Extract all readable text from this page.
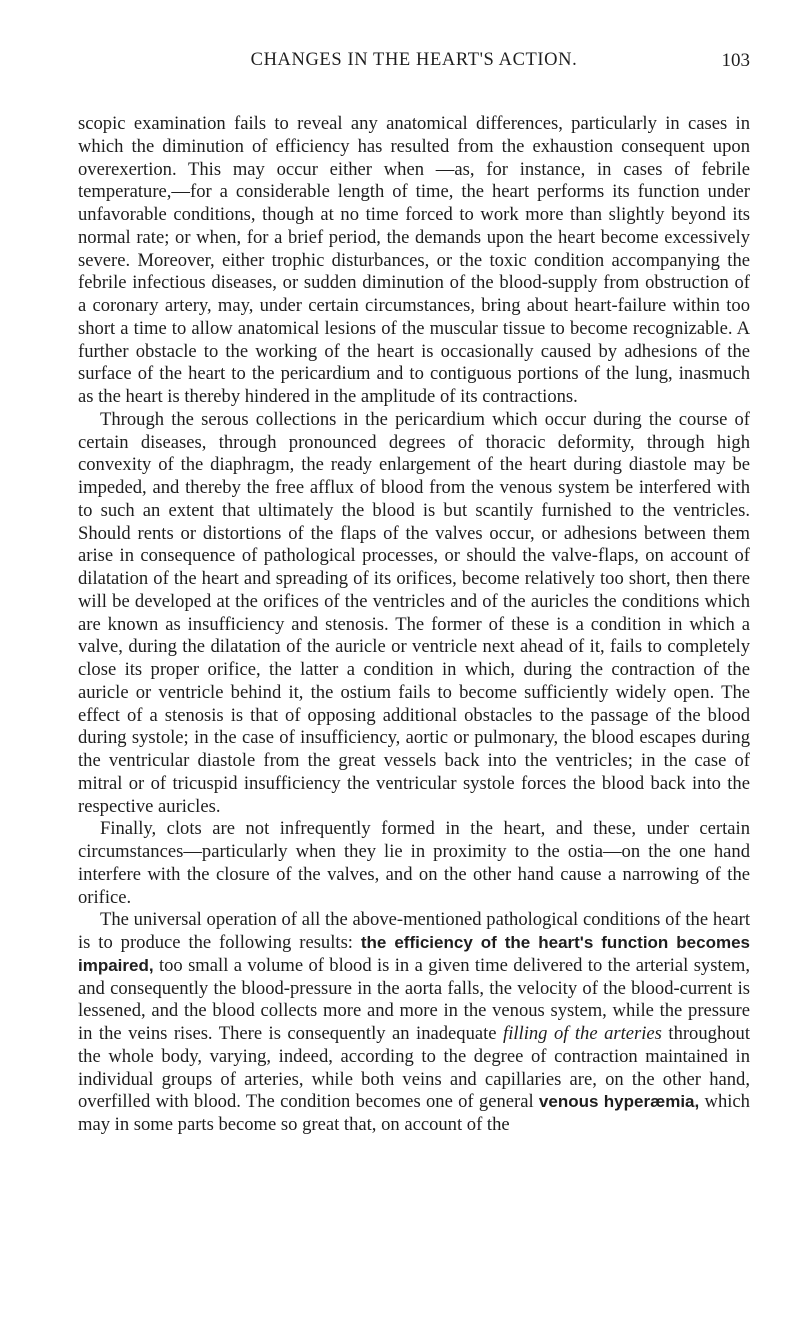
CHANGES IN THE HEART'S ACTION.	103

scopic examination fails to reveal any anatomical differences, particularly in cases in which the diminution of efficiency has resulted from the exhaustion consequent upon overexertion. This may occur either when —as, for instance, in cases of febrile temperature,—for a considerable length of time, the heart performs its function under unfavorable conditions, though at no time forced to work more than slightly beyond its normal rate; or when, for a brief period, the demands upon the heart become excessively severe. Moreover, either trophic disturbances, or the toxic condition accompanying the febrile infectious diseases, or sudden diminution of the blood-supply from obstruction of a coronary artery, may, under certain circumstances, bring about heart-failure within too short a time to allow anatomical lesions of the muscular tissue to become recognizable. A further obstacle to the working of the heart is occasionally caused by adhesions of the surface of the heart to the pericardium and to contiguous portions of the lung, inasmuch as the heart is thereby hindered in the amplitude of its contractions.

Through the serous collections in the pericardium which occur during the course of certain diseases, through pronounced degrees of thoracic deformity, through high convexity of the diaphragm, the ready enlargement of the heart during diastole may be impeded, and thereby the free afflux of blood from the venous system be interfered with to such an extent that ultimately the blood is but scantily furnished to the ventricles. Should rents or distortions of the flaps of the valves occur, or adhesions between them arise in consequence of pathological processes, or should the valve-flaps, on account of dilatation of the heart and spreading of its orifices, become relatively too short, then there will be developed at the orifices of the ventricles and of the auricles the conditions which are known as insufficiency and stenosis. The former of these is a condition in which a valve, during the dilatation of the auricle or ventricle next ahead of it, fails to completely close its proper orifice, the latter a condition in which, during the contraction of the auricle or ventricle behind it, the ostium fails to become sufficiently widely open. The effect of a stenosis is that of opposing additional obstacles to the passage of the blood during systole; in the case of insufficiency, aortic or pulmonary, the blood escapes during the ventricular diastole from the great vessels back into the ventricles; in the case of mitral or of tricuspid insufficiency the ventricular systole forces the blood back into the respective auricles.

Finally, clots are not infrequently formed in the heart, and these, under certain circumstances—particularly when they lie in proximity to the ostia—on the one hand interfere with the closure of the valves, and on the other hand cause a narrowing of the orifice.

The universal operation of all the above-mentioned pathological conditions of the heart is to produce the following results: the efficiency of the heart's function becomes impaired, too small a volume of blood is in a given time delivered to the arterial system, and consequently the blood-pressure in the aorta falls, the velocity of the blood-current is lessened, and the blood collects more and more in the venous system, while the pressure in the veins rises. There is consequently an inadequate filling of the arteries throughout the whole body, varying, indeed, according to the degree of contraction maintained in individual groups of arteries, while both veins and capillaries are, on the other hand, overfilled with blood. The condition becomes one of general venous hyperæmia, which may in some parts become so great that, on account of the
